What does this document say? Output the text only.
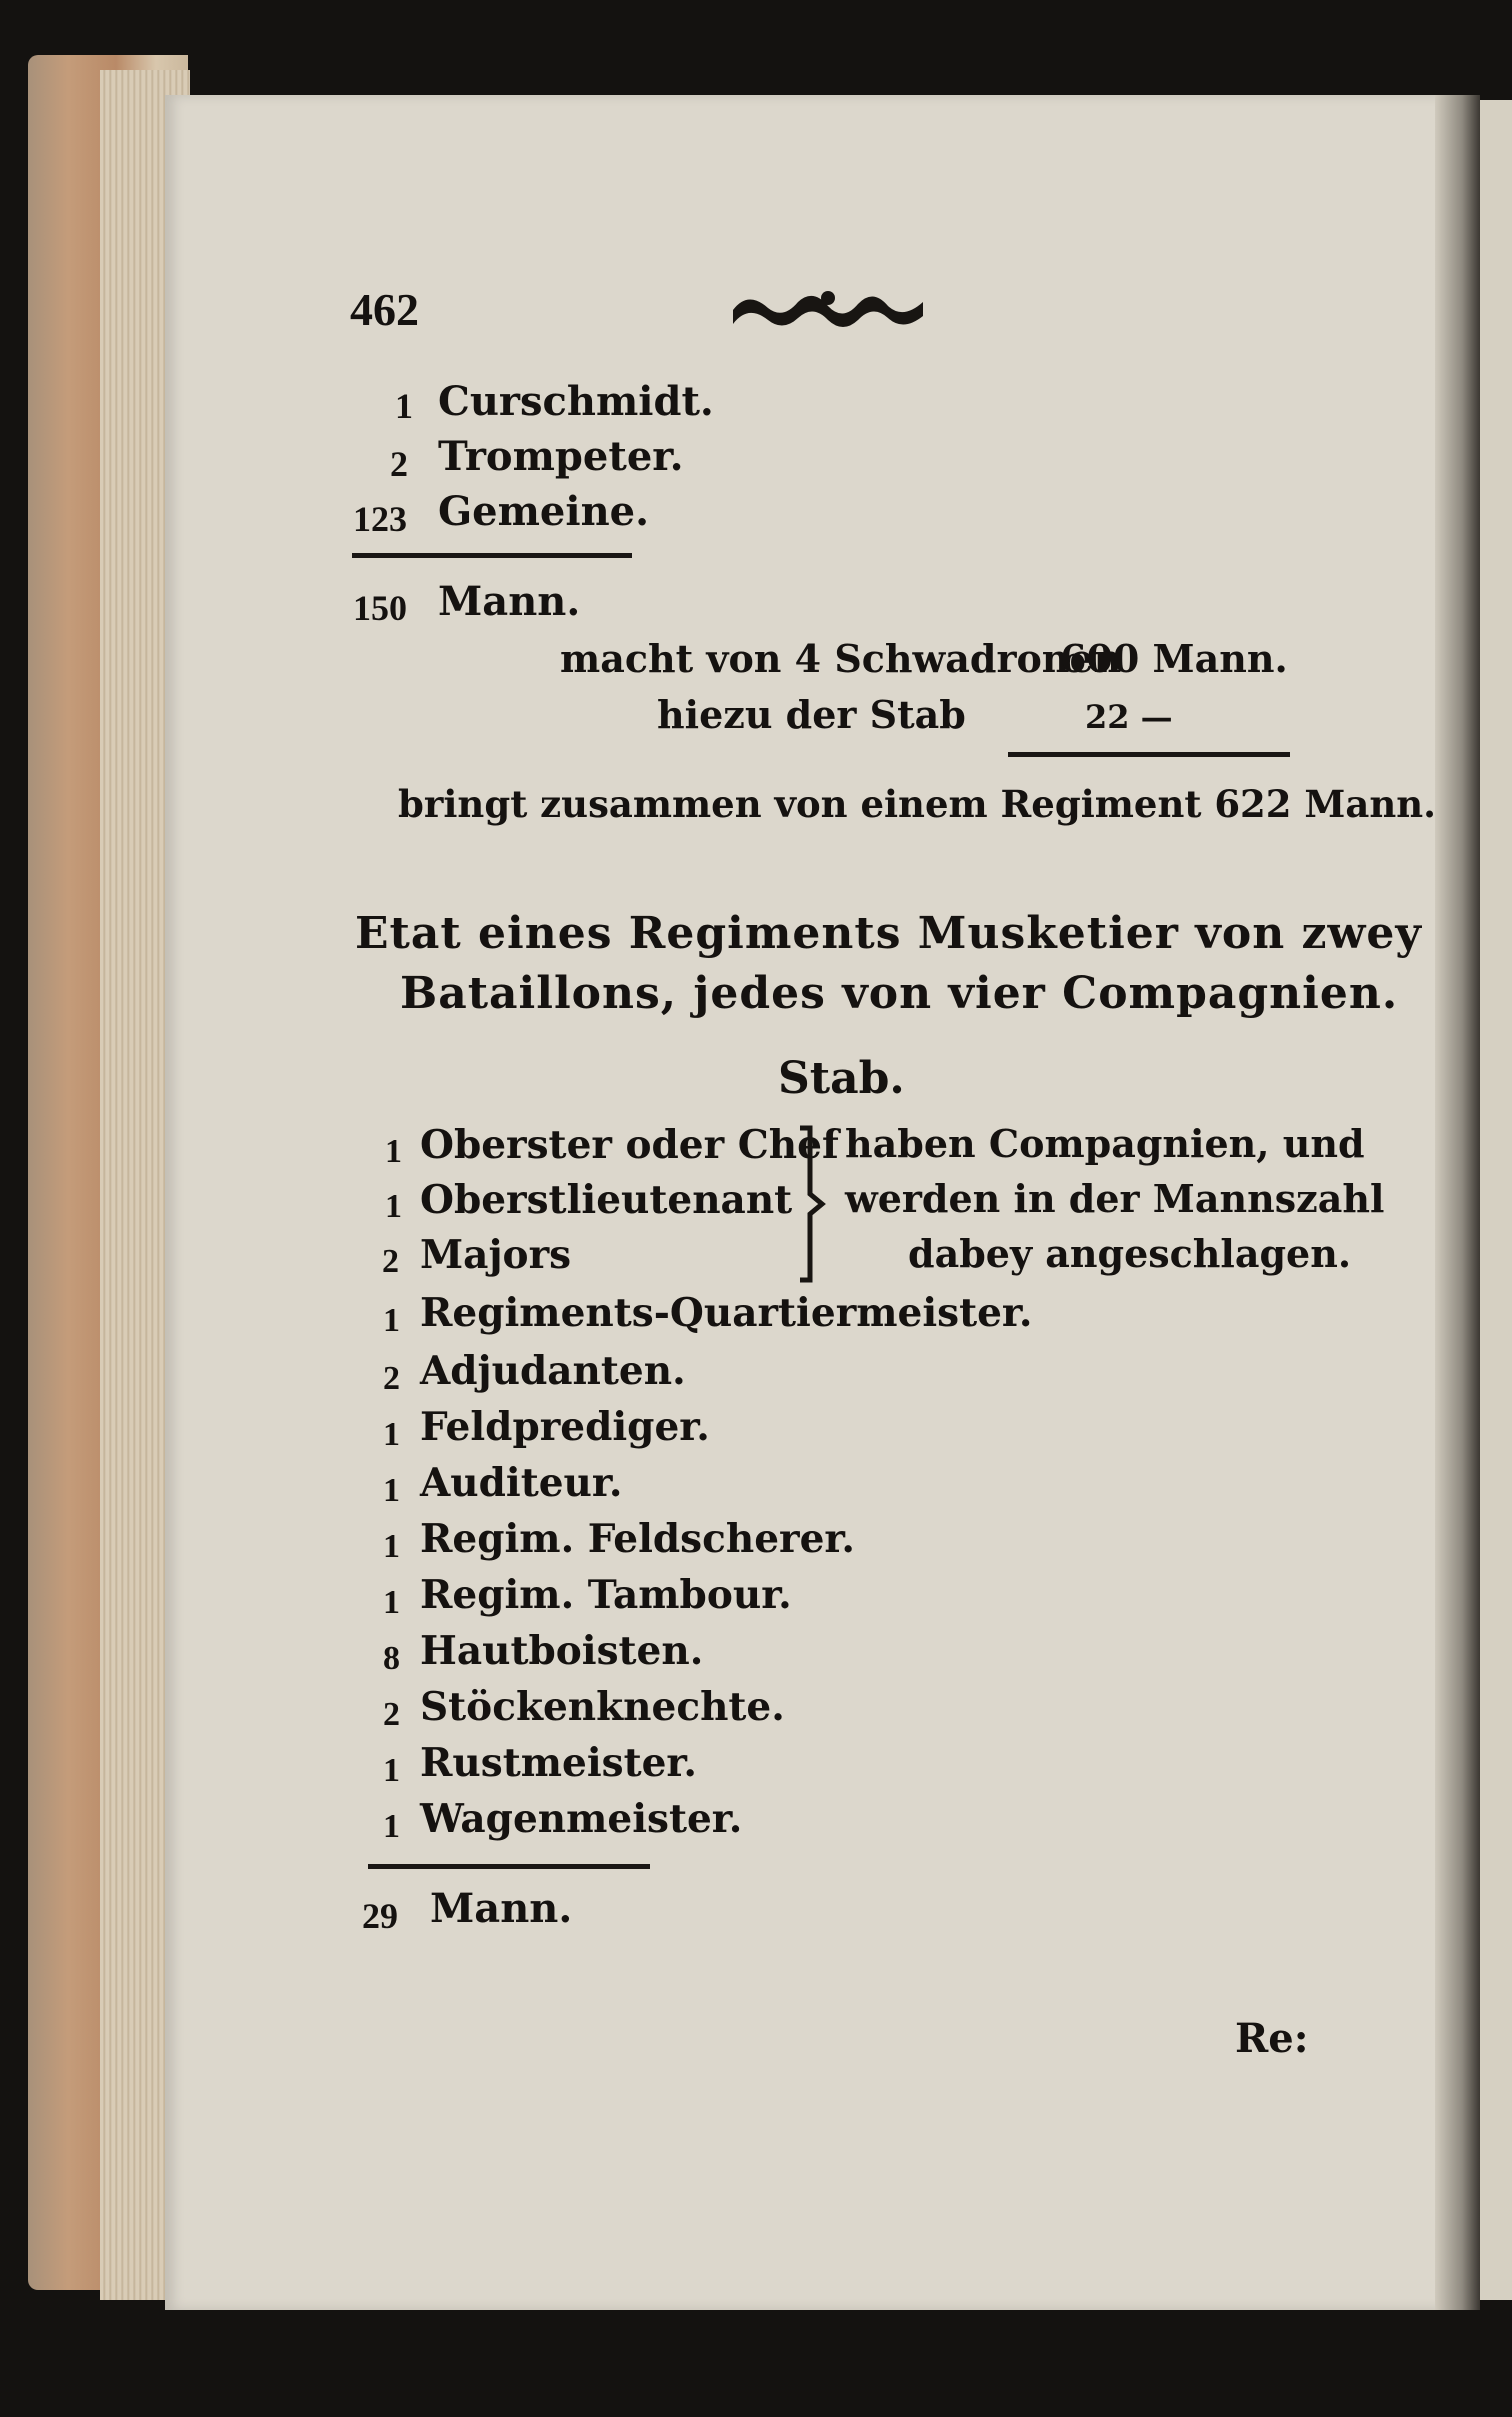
462
1 Curschmidt.
2 Trompeter.
123 Gemeine.
150 Mann.
macht von 4 Schwadronen
600 Mann.
hiezu der Stab	22 —
bringt zusammen von einem Regiment 622 Mann.
Etat eines Regiments Musketier von zwey
Bataillons, jedes von vier Compagnien.
Stab.
1 Oberster oder Chef
1 Oberstlieutenant
2 Majors
haben Compagnien, und
werden in der Mannszahl
dabey angeschlagen.
1 Regiments-Quartiermeister.
2 Adjudanten.
1 Feldprediger.
1 Auditeur.
1 Regim. Feldscherer.
1 Regim. Tambour.
8 Hautboisten.
2 Stöckenknechte.
1 Rustmeister.
1 Wagenmeister.
29 Mann.
Re:
